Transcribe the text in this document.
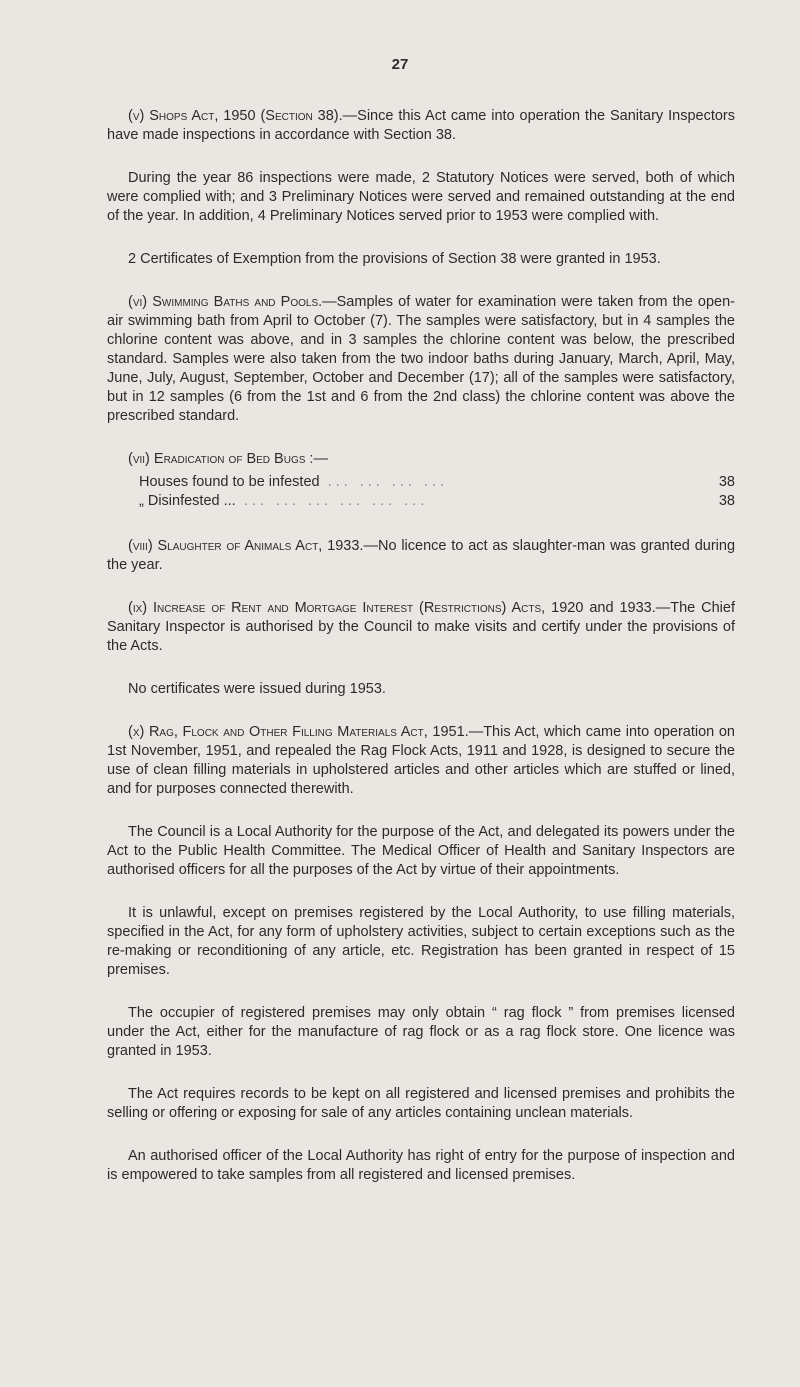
27

(v) Shops Act, 1950 (Section 38).—Since this Act came into operation the Sanitary Inspectors have made inspections in accordance with Section 38.

During the year 86 inspections were made, 2 Statutory Notices were served, both of which were complied with; and 3 Preliminary Notices were served and remained outstanding at the end of the year. In addition, 4 Preliminary Notices served prior to 1953 were complied with.

2 Certificates of Exemption from the provisions of Section 38 were granted in 1953.

(vi) Swimming Baths and Pools.—Samples of water for examination were taken from the open-air swimming bath from April to October (7). The samples were satisfactory, but in 4 samples the chlorine content was above, and in 3 samples the chlorine content was below, the prescribed standard. Samples were also taken from the two indoor baths during January, March, April, May, June, July, August, September, October and December (17); all of the samples were satisfactory, but in 12 samples (6 from the 1st and 6 from the 2nd class) the chlorine content was above the prescribed standard.

(vii) Eradication of Bed Bugs :—

Houses found to be infested ... ... ... ...	38
„ Disinfested ... ... ... ... ... ... ...	38

(viii) Slaughter of Animals Act, 1933.—No licence to act as slaughter-man was granted during the year.

(ix) Increase of Rent and Mortgage Interest (Restrictions) Acts, 1920 and 1933.—The Chief Sanitary Inspector is authorised by the Council to make visits and certify under the provisions of the Acts.

No certificates were issued during 1953.

(x) Rag, Flock and Other Filling Materials Act, 1951.—This Act, which came into operation on 1st November, 1951, and repealed the Rag Flock Acts, 1911 and 1928, is designed to secure the use of clean filling materials in upholstered articles and other articles which are stuffed or lined, and for purposes connected therewith.

The Council is a Local Authority for the purpose of the Act, and delegated its powers under the Act to the Public Health Committee. The Medical Officer of Health and Sanitary Inspectors are authorised officers for all the purposes of the Act by virtue of their appointments.

It is unlawful, except on premises registered by the Local Authority, to use filling materials, specified in the Act, for any form of upholstery activities, subject to certain exceptions such as the re-making or reconditioning of any article, etc. Registration has been granted in respect of 15 premises.

The occupier of registered premises may only obtain “ rag flock ” from premises licensed under the Act, either for the manufacture of rag flock or as a rag flock store. One licence was granted in 1953.

The Act requires records to be kept on all registered and licensed premises and prohibits the selling or offering or exposing for sale of any articles containing unclean materials.

An authorised officer of the Local Authority has right of entry for the purpose of inspection and is empowered to take samples from all registered and licensed premises.
